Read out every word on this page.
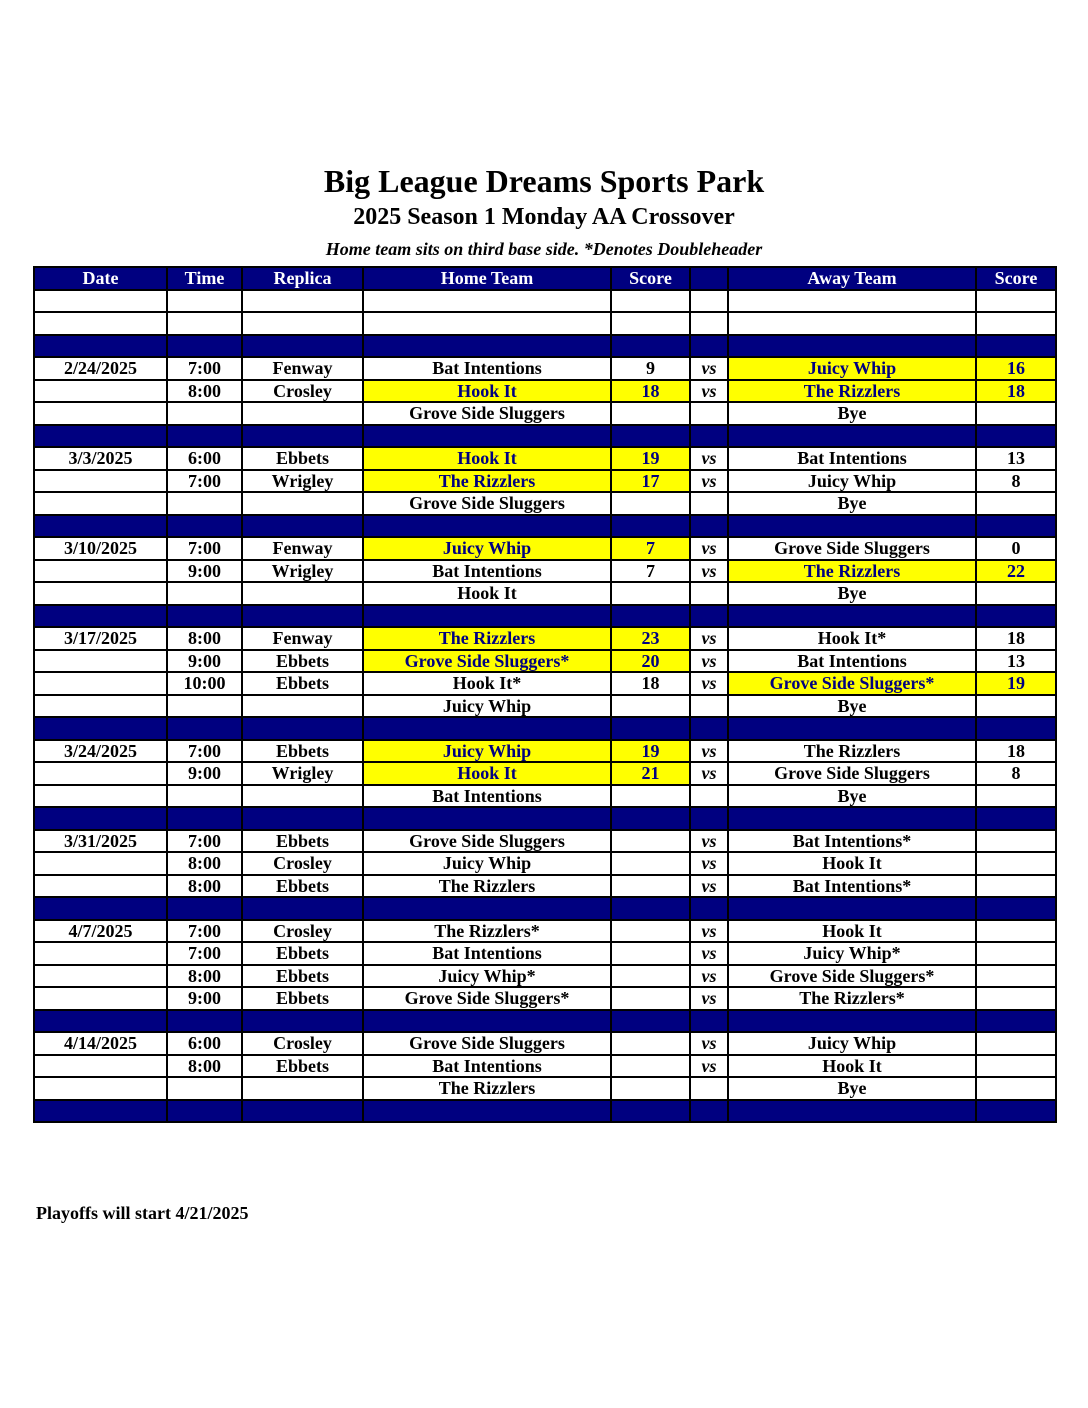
Big League Dreams Sports Park
2025 Season 1 Monday AA Crossover
Home team sits on third base side. *Denotes Doubleheader
Date	Time	Replica	Home Team	Score		Away Team	Score

2/24/2025	7:00	Fenway	Bat Intentions	9	vs	Juicy Whip	16
	8:00	Crosley	Hook It	18	vs	The Rizzlers	18
			Grove Side Sluggers			Bye	

3/3/2025	6:00	Ebbets	Hook It	19	vs	Bat Intentions	13
	7:00	Wrigley	The Rizzlers	17	vs	Juicy Whip	8
			Grove Side Sluggers			Bye	

3/10/2025	7:00	Fenway	Juicy Whip	7	vs	Grove Side Sluggers	0
	9:00	Wrigley	Bat Intentions	7	vs	The Rizzlers	22
			Hook It			Bye	

3/17/2025	8:00	Fenway	The Rizzlers	23	vs	Hook It*	18
	9:00	Ebbets	Grove Side Sluggers*	20	vs	Bat Intentions	13
	10:00	Ebbets	Hook It*	18	vs	Grove Side Sluggers*	19
			Juicy Whip			Bye	

3/24/2025	7:00	Ebbets	Juicy Whip	19	vs	The Rizzlers	18
	9:00	Wrigley	Hook It	21	vs	Grove Side Sluggers	8
			Bat Intentions			Bye	

3/31/2025	7:00	Ebbets	Grove Side Sluggers		vs	Bat Intentions*	
	8:00	Crosley	Juicy Whip		vs	Hook It	
	8:00	Ebbets	The Rizzlers		vs	Bat Intentions*	

4/7/2025	7:00	Crosley	The Rizzlers*		vs	Hook It	
	7:00	Ebbets	Bat Intentions		vs	Juicy Whip*	
	8:00	Ebbets	Juicy Whip*		vs	Grove Side Sluggers*	
	9:00	Ebbets	Grove Side Sluggers*		vs	The Rizzlers*	

4/14/2025	6:00	Crosley	Grove Side Sluggers		vs	Juicy Whip	
	8:00	Ebbets	Bat Intentions		vs	Hook It	
			The Rizzlers			Bye	

Playoffs will start 4/21/2025
